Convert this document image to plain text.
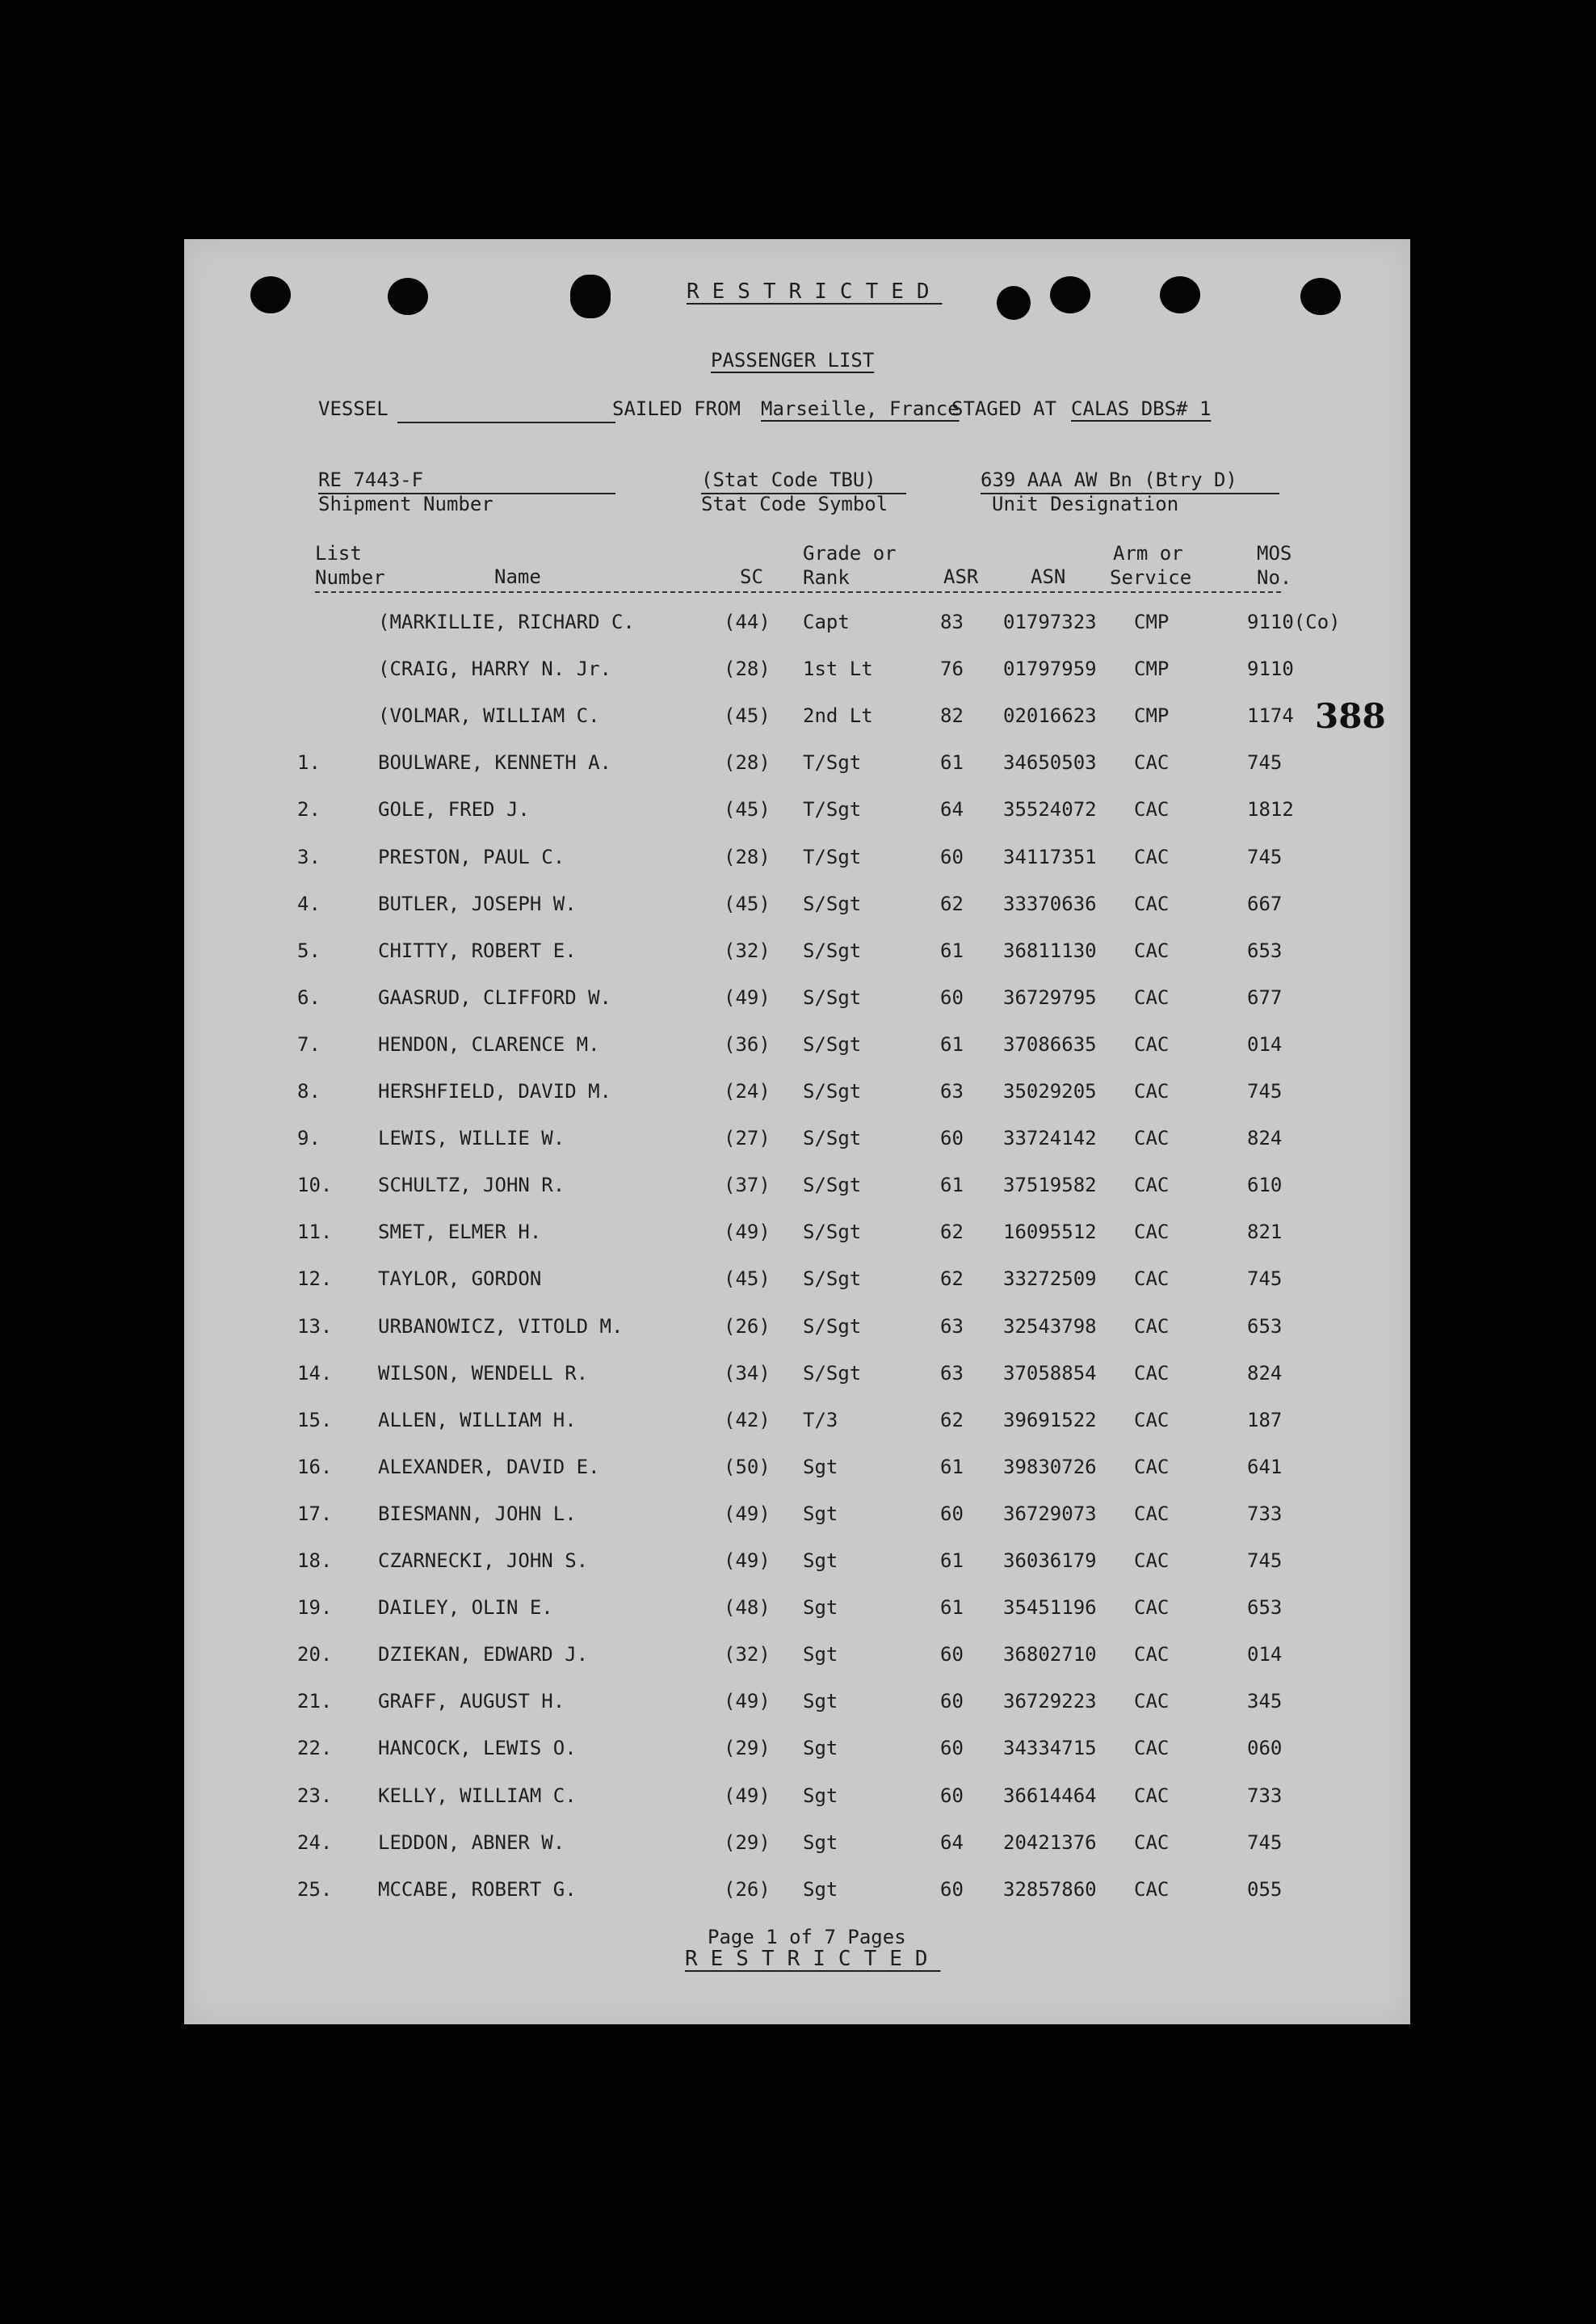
RESTRICTED
PASSENGER LIST
VESSEL	SAILED FROM Marseille, France
STAGED AT CALAS DBS# 1
RE 7443-F
Shipment Number
(Stat Code TBU)
Stat Code Symbol
639 AAA AW Bn (Btry D)
Unit Designation
List
Number	Name	SC
Grade or
Rank	ASR	ASN
Arm or
Service
MOS
No.
(MARKILLIE, RICHARD C.	(44) Capt	83 01797323 CMP	9110(Co)
(CRAIG, HARRY N. Jr.	(28) 1st Lt	76 01797959 CMP	9110
(VOLMAR, WILLIAM C.	(45) 2nd Lt	82 02016623 CMP	1174
1.	BOULWARE, KENNETH A.	(28) T/Sgt	61 34650503 CAC	745
2.	GOLE, FRED J.	(45) T/Sgt	64 35524072 CAC	1812
3.	PRESTON, PAUL C.	(28) T/Sgt	60 34117351 CAC	745
4.	BUTLER, JOSEPH W.	(45) S/Sgt	62 33370636 CAC	667
5.	CHITTY, ROBERT E.	(32) S/Sgt	61 36811130 CAC	653
6.	GAASRUD, CLIFFORD W.	(49) S/Sgt	60 36729795 CAC	677
7.	HENDON, CLARENCE M.	(36) S/Sgt	61 37086635 CAC	014
8.	HERSHFIELD, DAVID M.	(24) S/Sgt	63 35029205 CAC	745
9.	LEWIS, WILLIE W.	(27) S/Sgt	60 33724142 CAC	824
10. SCHULTZ, JOHN R.	(37) S/Sgt	61 37519582 CAC	610
11. SMET, ELMER H.	(49) S/Sgt	62 16095512 CAC	821
12. TAYLOR, GORDON	(45) S/Sgt	62 33272509 CAC	745
13. URBANOWICZ, VITOLD M.	(26) S/Sgt	63 32543798 CAC	653
14. WILSON, WENDELL R.	(34) S/Sgt	63 37058854 CAC	824
15. ALLEN, WILLIAM H.	(42) T/3	62 39691522 CAC	187
16. ALEXANDER, DAVID E.	(50) Sgt	61 39830726 CAC	641
17. BIESMANN, JOHN L.	(49) Sgt	60 36729073 CAC	733
18. CZARNECKI, JOHN S.	(49) Sgt	61 36036179 CAC	745
19. DAILEY, OLIN E.	(48) Sgt	61 35451196 CAC	653
20. DZIEKAN, EDWARD J.	(32) Sgt	60 36802710 CAC	014
21. GRAFF, AUGUST H.	(49) Sgt	60 36729223 CAC	345
22. HANCOCK, LEWIS O.	(29) Sgt	60 34334715 CAC	060
23. KELLY, WILLIAM C.	(49) Sgt	60 36614464 CAC	733
24. LEDDON, ABNER W.	(29) Sgt	64 20421376 CAC	745
25. MCCABE, ROBERT G.	(26) Sgt	60 32857860 CAC	055
388
Page 1 of 7 Pages
RESTRICTED
